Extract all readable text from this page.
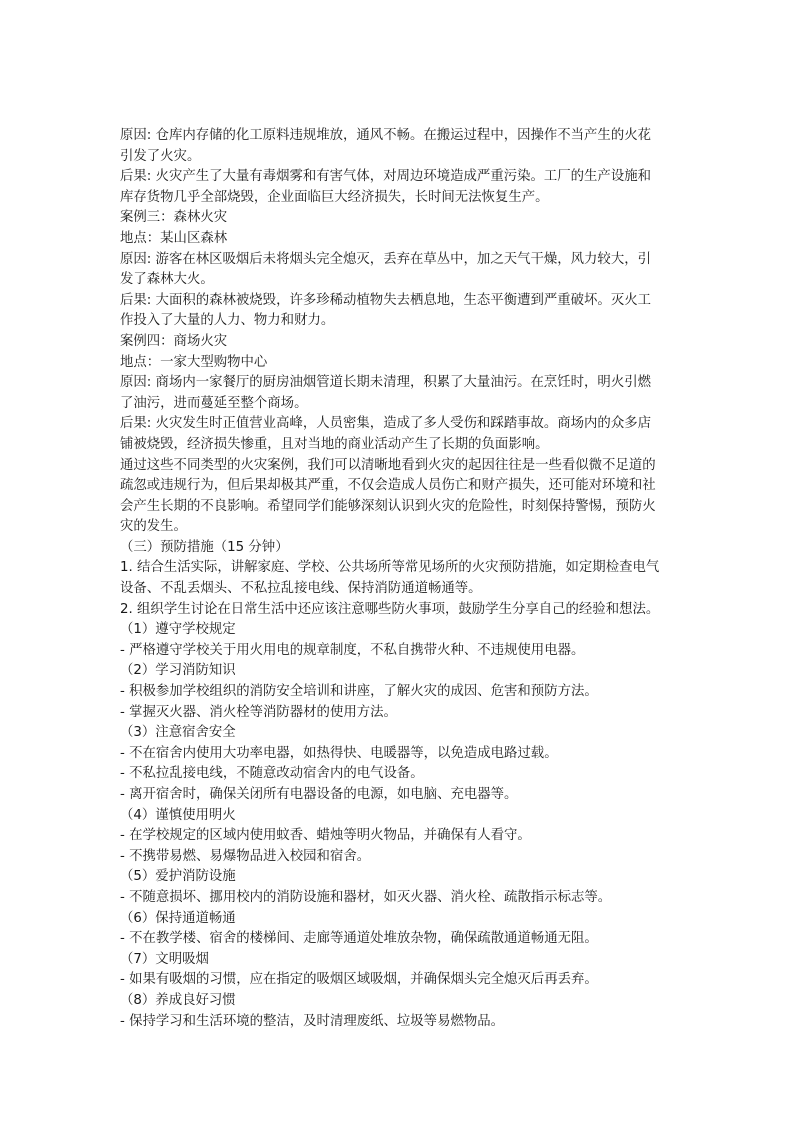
原因: 仓库内存储的化工原料违规堆放，通风不畅。在搬运过程中，因操作不当产生的火花
引发了火灾。

后果: 火灾产生了大量有毒烟雾和有害气体，对周边环境造成严重污染。工厂的生产设施和
库存货物几乎全部烧毁，企业面临巨大经济损失，长时间无法恢复生产。

案例三：森林火灾

地点：某山区森林

原因: 游客在林区吸烟后未将烟头完全熄灭，丢弃在草丛中，加之天气干燥，风力较大，引
发了森林大火。

后果: 大面积的森林被烧毁，许多珍稀动植物失去栖息地，生态平衡遭到严重破坏。灭火工
作投入了大量的人力、物力和财力。

案例四：商场火灾

地点：一家大型购物中心

原因: 商场内一家餐厅的厨房油烟管道长期未清理，积累了大量油污。在烹饪时，明火引燃
了油污，进而蔓延至整个商场。

后果: 火灾发生时正值营业高峰，人员密集，造成了多人受伤和踩踏事故。商场内的众多店
铺被烧毁，经济损失惨重，且对当地的商业活动产生了长期的负面影响。

通过这些不同类型的火灾案例，我们可以清晰地看到火灾的起因往往是一些看似微不足道的
疏忽或违规行为，但后果却极其严重，不仅会造成人员伤亡和财产损失，还可能对环境和社
会产生长期的不良影响。希望同学们能够深刻认识到火灾的危险性，时刻保持警惕，预防火
灾的发生。

（三）预防措施（15 分钟）

1. 结合生活实际，讲解家庭、学校、公共场所等常见场所的火灾预防措施，如定期检查电气
设备、不乱丢烟头、不私拉乱接电线、保持消防通道畅通等。

2. 组织学生讨论在日常生活中还应该注意哪些防火事项，鼓励学生分享自己的经验和想法。

（1）遵守学校规定
- 严格遵守学校关于用火用电的规章制度，不私自携带火种、不违规使用电器。

（2）学习消防知识
- 积极参加学校组织的消防安全培训和讲座，了解火灾的成因、危害和预防方法。
- 掌握灭火器、消火栓等消防器材的使用方法。

（3）注意宿舍安全
- 不在宿舍内使用大功率电器，如热得快、电暖器等，以免造成电路过载。
- 不私拉乱接电线，不随意改动宿舍内的电气设备。
- 离开宿舍时，确保关闭所有电器设备的电源，如电脑、充电器等。

（4）谨慎使用明火
- 在学校规定的区域内使用蚊香、蜡烛等明火物品，并确保有人看守。
- 不携带易燃、易爆物品进入校园和宿舍。

（5）爱护消防设施
- 不随意损坏、挪用校内的消防设施和器材，如灭火器、消火栓、疏散指示标志等。

（6）保持通道畅通
- 不在教学楼、宿舍的楼梯间、走廊等通道处堆放杂物，确保疏散通道畅通无阻。

（7）文明吸烟
- 如果有吸烟的习惯，应在指定的吸烟区域吸烟，并确保烟头完全熄灭后再丢弃。

（8）养成良好习惯
- 保持学习和生活环境的整洁，及时清理废纸、垃圾等易燃物品。
